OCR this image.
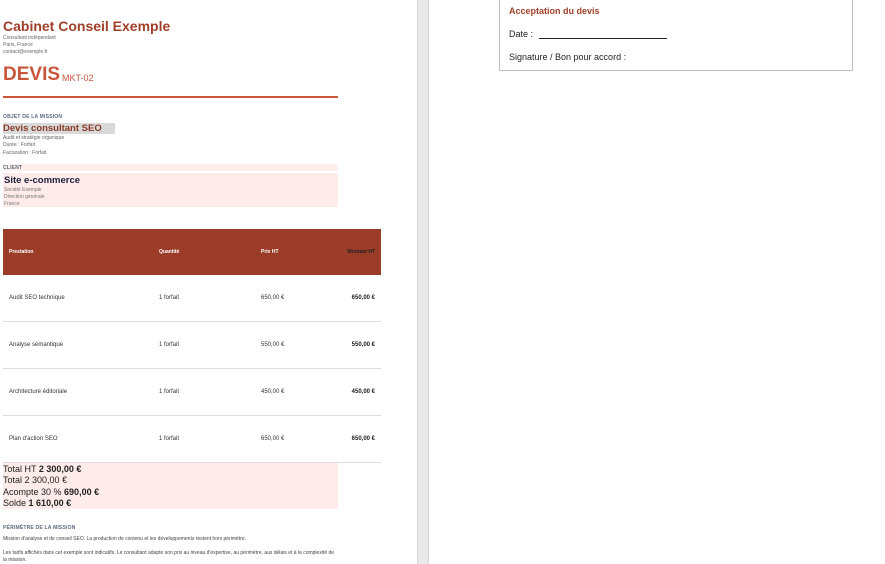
Cabinet Conseil Exemple
Consultant indépendant
Paris, France
contact@exemple.fr
DEVIS MKT-02
OBJET DE LA MISSION
Devis consultant SEO
Audit et stratégie organique
Durée : Forfait
Facturation : Forfait
CLIENT
Site e-commerce
Société Exemple
Direction générale
France
Prestation	Quantité	Prix HT	Montant HT
Audit SEO technique	1 forfait	650,00 €	650,00 €
Analyse sémantique	1 forfait	550,00 €	550,00 €
Architecture éditoriale	1 forfait	450,00 €	450,00 €
Plan d'action SEO	1 forfait	650,00 €	650,00 €
Total HT 2 300,00 €
Total 2 300,00 €
Acompte 30 % 690,00 €
Solde 1 610,00 €
PÉRIMÈTRE DE LA MISSION
Mission d'analyse et de conseil SEO. La production de contenu et les développements restent hors périmètre.
Les tarifs affichés dans cet exemple sont indicatifs. Le consultant adapte son prix au niveau d'expertise, au périmètre, aux délais et à la complexité de la mission.
Acceptation du devis
Date :
Signature / Bon pour accord :
